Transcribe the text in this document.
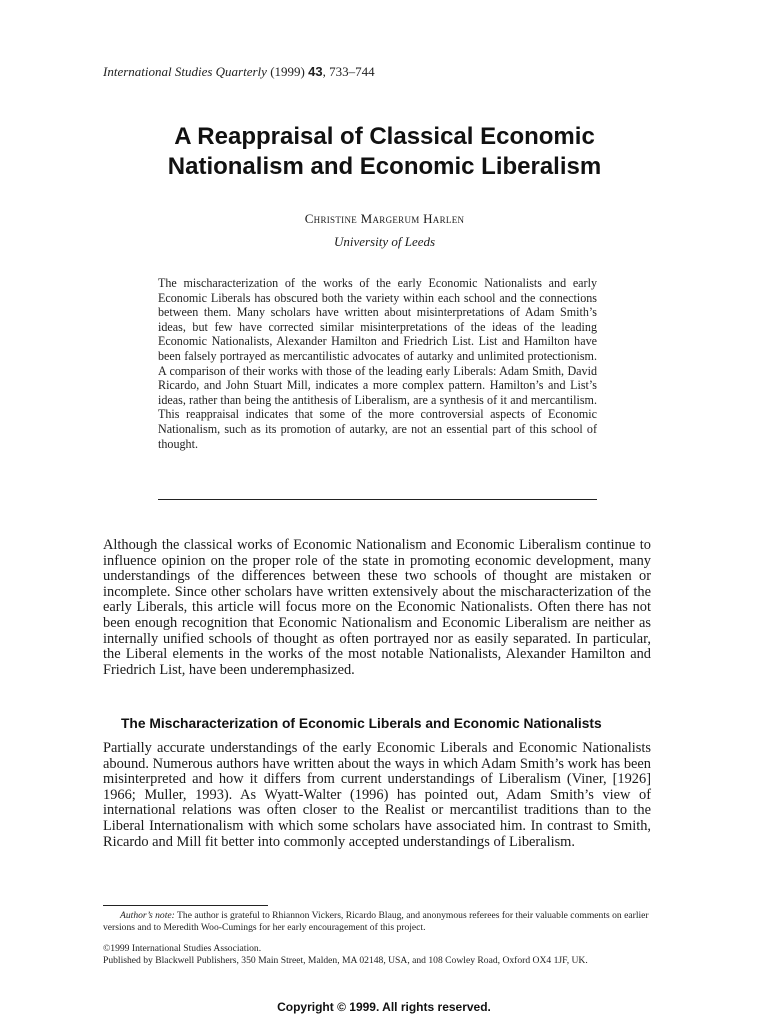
International Studies Quarterly (1999) 43, 733–744
A Reappraisal of Classical Economic Nationalism and Economic Liberalism
Christine Margerum Harlen
University of Leeds

The mischaracterization of the works of the early Economic Nationalists and early Economic Liberals has obscured both the variety within each school and the connections between them. Many scholars have written about misinterpretations of Adam Smith’s ideas, but few have corrected similar misinterpretations of the ideas of the leading Economic Nationalists, Alexander Hamilton and Friedrich List. List and Hamilton have been falsely portrayed as mercantilistic advocates of autarky and unlimited protectionism. A comparison of their works with those of the leading early Liberals: Adam Smith, David Ricardo, and John Stuart Mill, indicates a more complex pattern. Hamilton’s and List’s ideas, rather than being the antithesis of Liberalism, are a synthesis of it and mercantilism. This reappraisal indicates that some of the more controversial aspects of Economic Nationalism, such as its promotion of autarky, are not an essential part of this school of thought.

Although the classical works of Economic Nationalism and Economic Liberalism continue to influence opinion on the proper role of the state in promoting economic development, many understandings of the differences between these two schools of thought are mistaken or incomplete. Since other scholars have written extensively about the mischaracterization of the early Liberals, this article will focus more on the Economic Nationalists. Often there has not been enough recognition that Economic Nationalism and Economic Liberalism are neither as internally unified schools of thought as often portrayed nor as easily separated. In particular, the Liberal elements in the works of the most notable Nationalists, Alexander Hamilton and Friedrich List, have been underemphasized.

The Mischaracterization of Economic Liberals and Economic Nationalists

Partially accurate understandings of the early Economic Liberals and Economic Nationalists abound. Numerous authors have written about the ways in which Adam Smith’s work has been misinterpreted and how it differs from current understandings of Liberalism (Viner, [1926] 1966; Muller, 1993). As Wyatt-Walter (1996) has pointed out, Adam Smith’s view of international relations was often closer to the Realist or mercantilist traditions than to the Liberal Internationalism with which some scholars have associated him. In contrast to Smith, Ricardo and Mill fit better into commonly accepted understandings of Liberalism.

Author’s note: The author is grateful to Rhiannon Vickers, Ricardo Blaug, and anonymous referees for their valuable comments on earlier versions and to Meredith Woo-Cumings for her early encouragement of this project.

©1999 International Studies Association.
Published by Blackwell Publishers, 350 Main Street, Malden, MA 02148, USA, and 108 Cowley Road, Oxford OX4 1JF, UK.
Copyright © 1999. All rights reserved.
